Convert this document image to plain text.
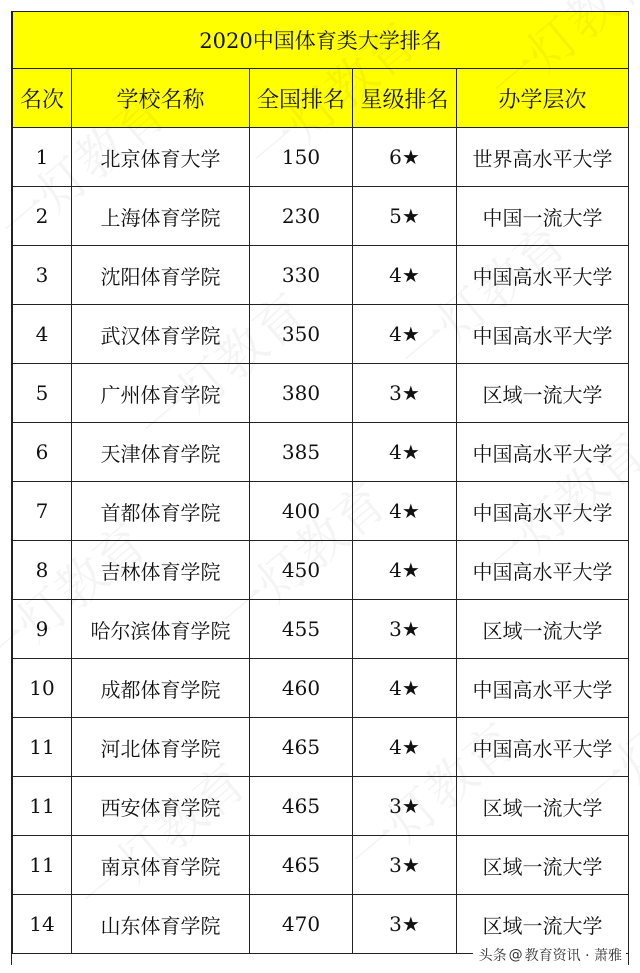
2020中国体育类大学排名				
名次	学校名称	全国排名	星级排名	办学层次
1	北京体育大学	150	6★	世界高水平大学
2	上海体育学院	230	5★	中国一流大学
3	沈阳体育学院	330	4★	中国高水平大学
4	武汉体育学院	350	4★	中国高水平大学
5	广州体育学院	380	3★	区域一流大学
6	天津体育学院	385	4★	中国高水平大学
7	首都体育学院	400	4★	中国高水平大学
8	吉林体育学院	450	4★	中国高水平大学
9	哈尔滨体育学院	455	3★	区域一流大学
10	成都体育学院	460	4★	中国高水平大学
11	河北体育学院	465	4★	中国高水平大学
11	西安体育学院	465	3★	区域一流大学
11	南京体育学院	465	3★	区域一流大学
14	山东体育学院	470	3★	区域一流大学
头条 @ 教育资讯 · 萧雅
